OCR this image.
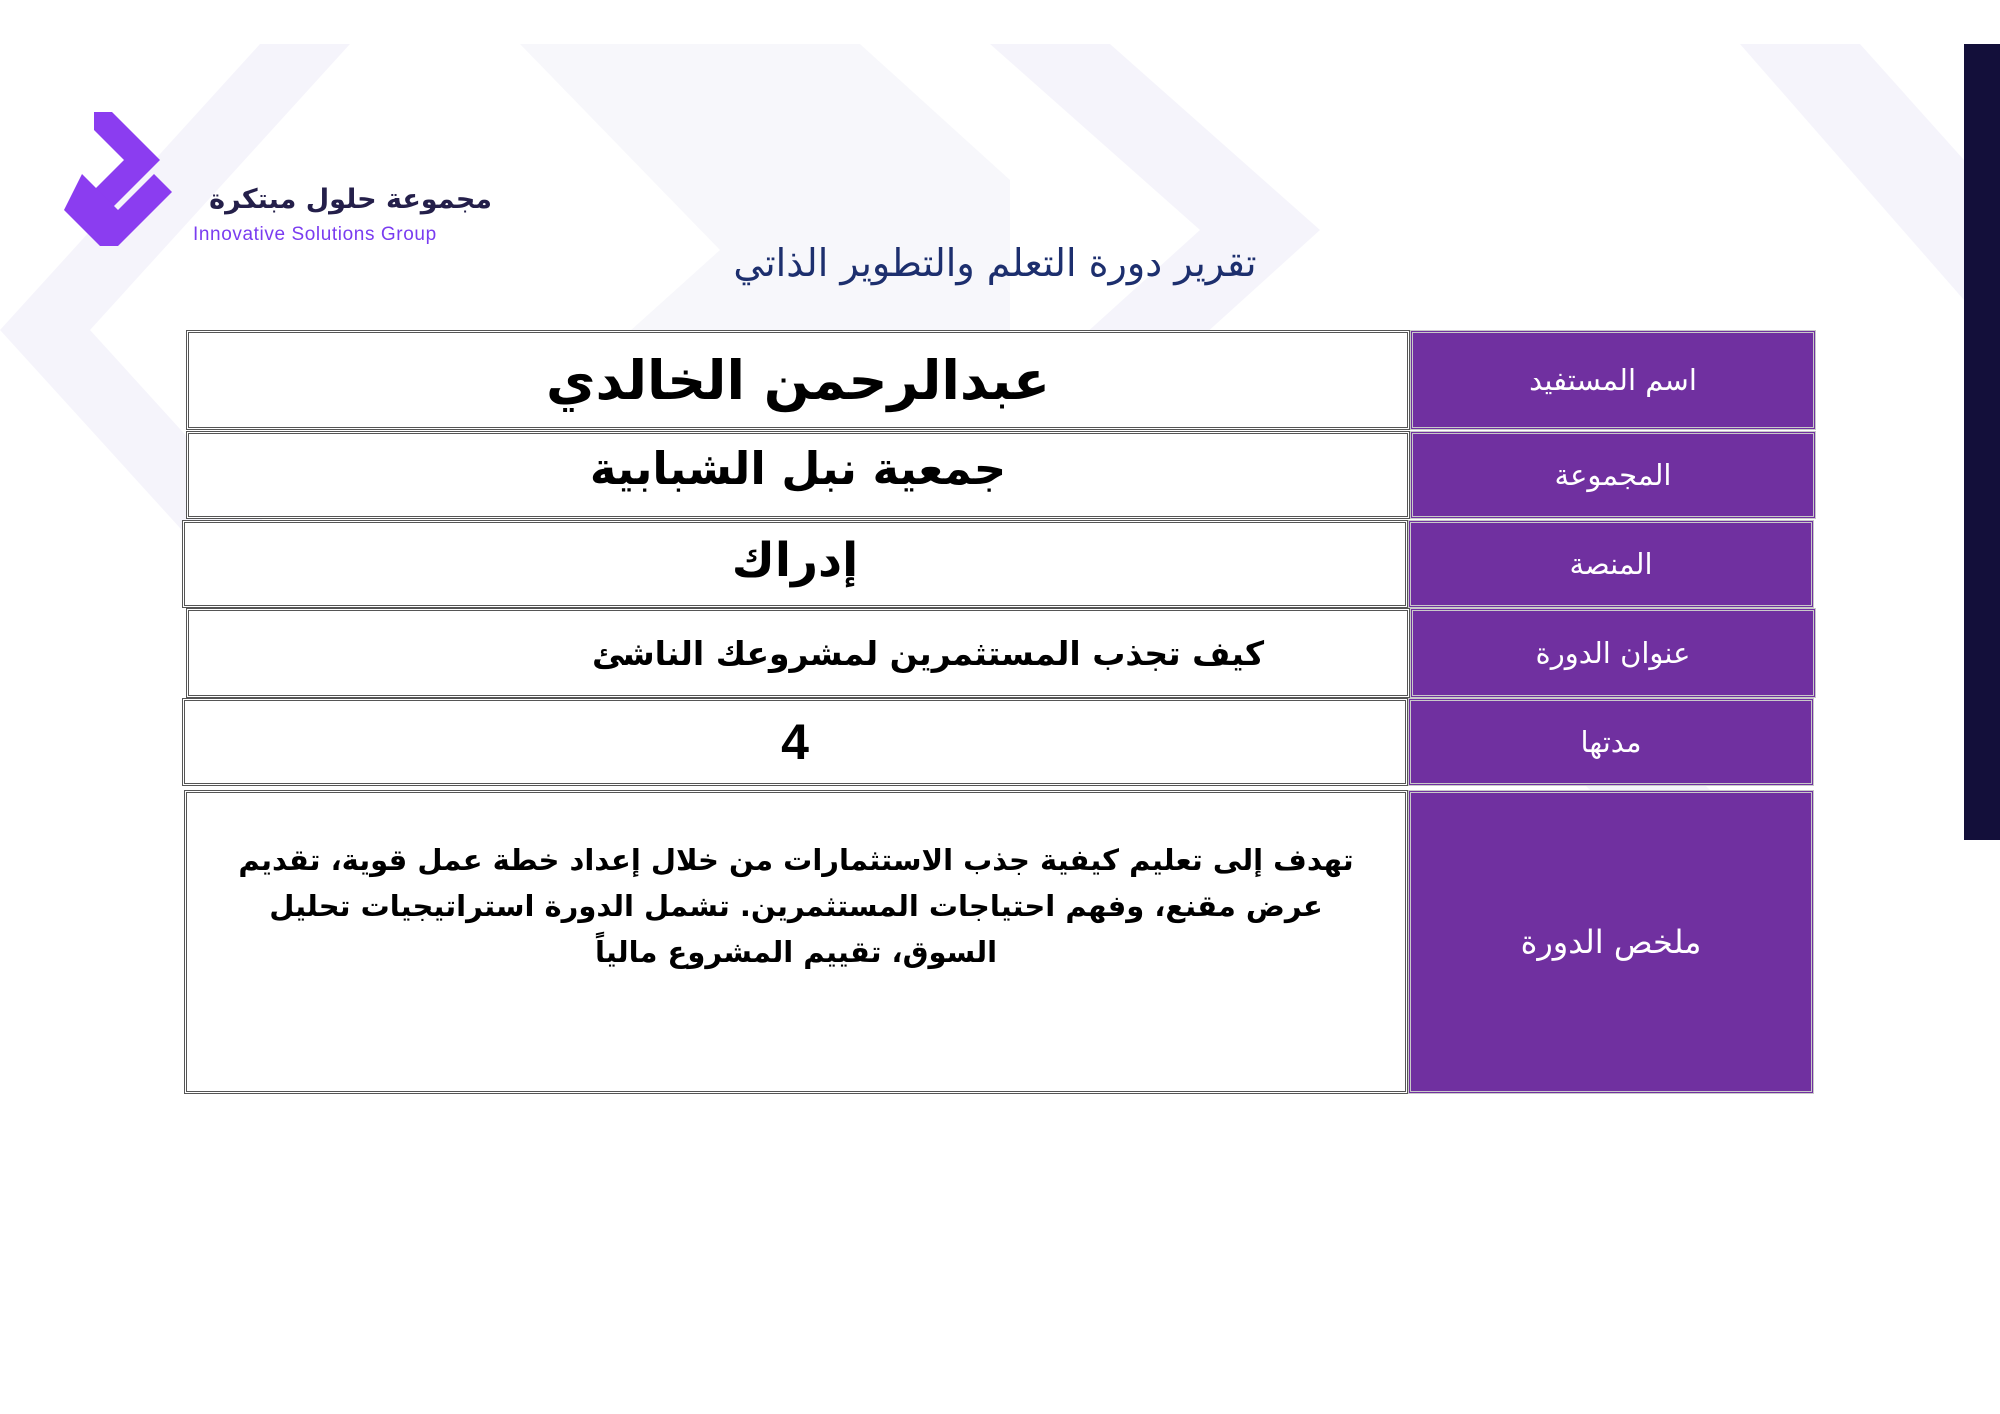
مجموعة حلول مبتكرة
Innovative Solutions Group
تقرير دورة التعلم والتطوير الذاتي
اسم المستفيد
عبدالرحمن الخالدي
المجموعة
جمعية نبل الشبابية
المنصة
إدراك
عنوان الدورة
كيف تجذب المستثمرين لمشروعك الناشئ
مدتها
4
ملخص الدورة
تهدف إلى تعليم كيفية جذب الاستثمارات من خلال إعداد خطة عمل قوية، تقديم عرض مقنع، وفهم احتياجات المستثمرين. تشمل الدورة استراتيجيات تحليل السوق، تقييم المشروع مالياً
